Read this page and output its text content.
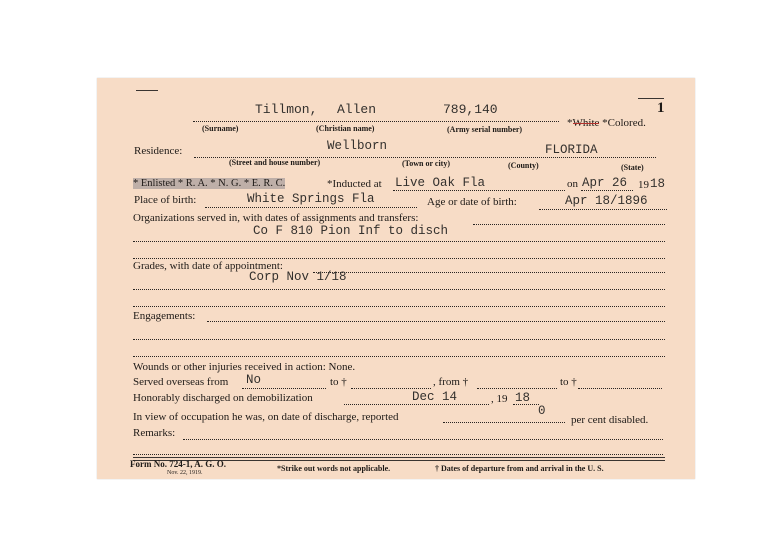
1
Tillmon, Allen	789,140
*White *Colored.
(Surname)	(Christian name)	(Army serial number)
Residence:	Wellborn	FLORIDA
(Street and house number)	(Town or city)	(County)	(State)
* Enlisted * R. A. * N. G. * E. R. C.	*Inducted at Live Oak Fla	on Apr 26 19 18
Place of birth:	White Springs Fla	Age or date of birth:	Apr 18/1896
Organizations served in, with dates of assignments and transfers:
Co F 810 Pion Inf to disch
Grades, with date of appointment:
Corp Nov 1/18
Engagements:
Wounds or other injuries received in action: None.
Served overseas from No	to †	, from †	to †
Honorably discharged on demobilization	Dec 14	, 19 18
In view of occupation he was, on date of discharge, reported	0
per cent disabled.
Remarks:
Form No. 724-1, A. G. O.
Nov. 22, 1919.	*Strike out words not applicable.	† Dates of departure from and arrival in the U. S.
